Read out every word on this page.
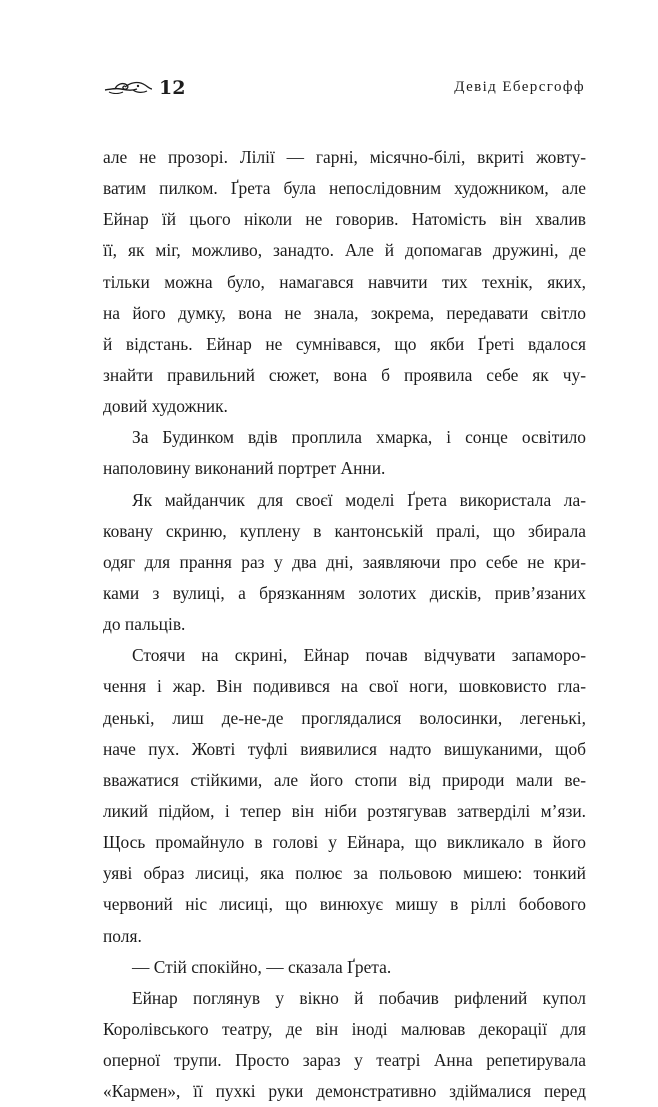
12	Девід Еберсгофф
але не прозорі. Лілії — гарні, місячно-білі, вкриті жовту-
ватим пилком. Ґрета була непослідовним художником, але
Ейнар їй цього ніколи не говорив. Натомість він хвалив
її, як міг, можливо, занадто. Але й допомагав дружині, де
тільки можна було, намагався навчити тих технік, яких,
на його думку, вона не знала, зокрема, передавати світло
й відстань. Ейнар не сумнівався, що якби Ґреті вдалося
знайти правильний сюжет, вона б проявила себе як чу-
довий художник.
За Будинком вдів проплила хмарка, і сонце освітило
наполовину виконаний портрет Анни.
Як майданчик для своєї моделі Ґрета використала ла-
ковану скриню, куплену в кантонській пралі, що збирала
одяг для прання раз у два дні, заявляючи про себе не кри-
ками з вулиці, а брязканням золотих дисків, прив’язаних
до пальців.
Стоячи на скрині, Ейнар почав відчувати запаморо-
чення і жар. Він подивився на свої ноги, шовковисто гла-
денькі, лиш де-не-де проглядалися волосинки, легенькі,
наче пух. Жовті туфлі виявилися надто вишуканими, щоб
вважатися стійкими, але його стопи від природи мали ве-
ликий підйом, і тепер він ніби розтягував затверділі м’язи.
Щось промайнуло в голові у Ейнара, що викликало в його
уяві образ лисиці, яка полює за польовою мишею: тонкий
червоний ніс лисиці, що винюхує мишу в ріллі бобового
поля.
— Стій спокійно, — сказала Ґрета.
Ейнар поглянув у вікно й побачив рифлений купол
Королівського театру, де він іноді малював декорації для
оперної трупи. Просто зараз у театрі Анна репетирувала
«Кармен», її пухкі руки демонстративно здіймалися перед
